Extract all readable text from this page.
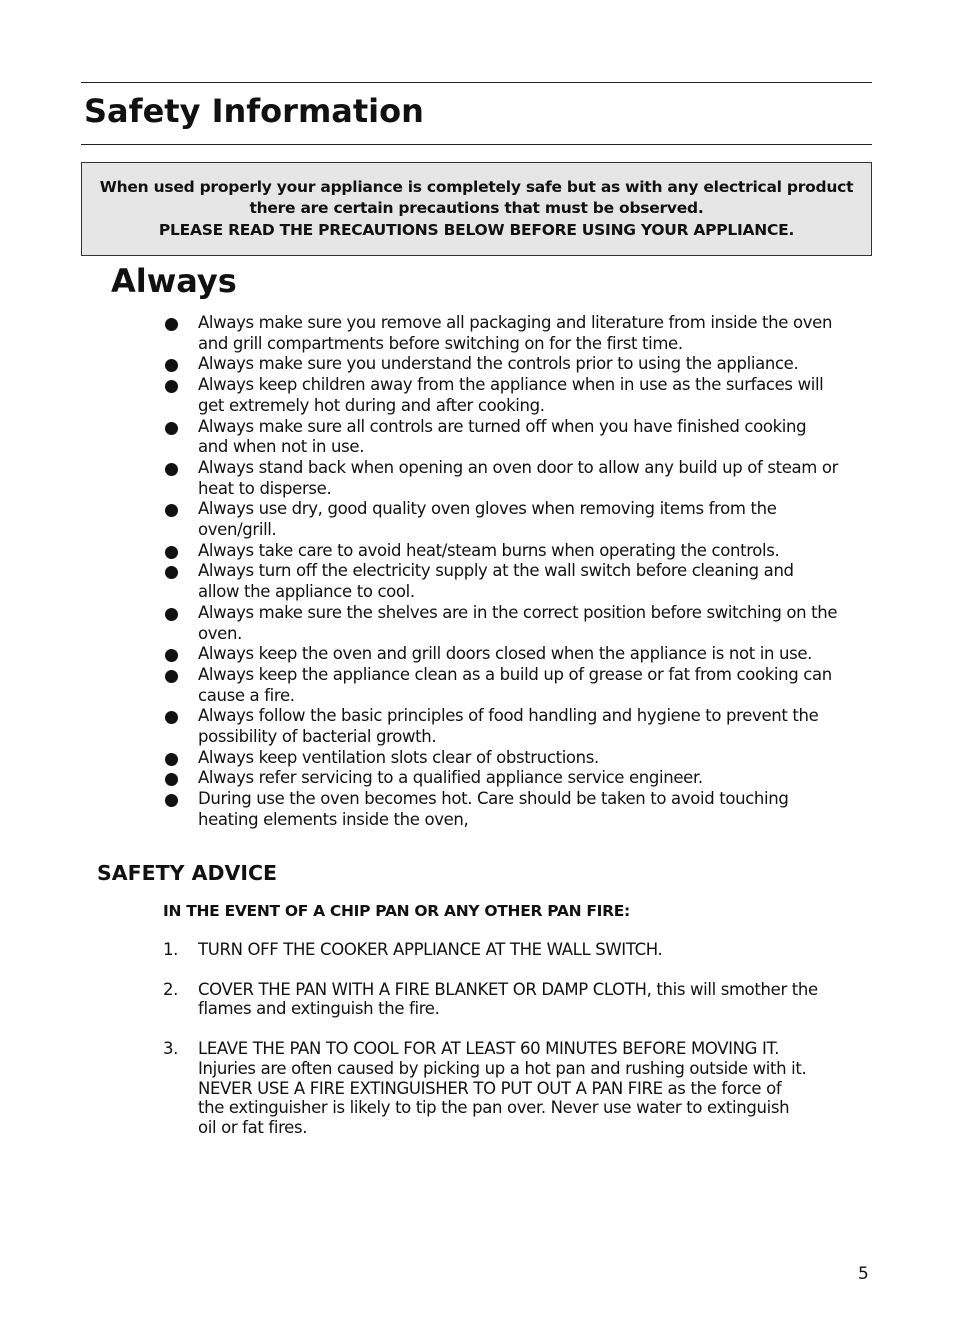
Safety Information
When used properly your appliance is completely safe but as with any electrical product
there are certain precautions that must be observed.
PLEASE READ THE PRECAUTIONS BELOW BEFORE USING YOUR APPLIANCE.
Always
Always make sure you remove all packaging and literature from inside the oven
and grill compartments before switching on for the first time.
Always make sure you understand the controls prior to using the appliance.
Always keep children away from the appliance when in use as the surfaces will
get extremely hot during and after cooking.
Always make sure all controls are turned off when you have finished cooking
and when not in use.
Always stand back when opening an oven door to allow any build up of steam or
heat to disperse.
Always use dry, good quality oven gloves when removing items from the
oven/grill.
Always take care to avoid heat/steam burns when operating the controls.
Always turn off the electricity supply at the wall switch before cleaning and
allow the appliance to cool.
Always make sure the shelves are in the correct position before switching on the
oven.
Always keep the oven and grill doors closed when the appliance is not in use.
Always keep the appliance clean as a build up of grease or fat from cooking can
cause a fire.
Always follow the basic principles of food handling and hygiene to prevent the
possibility of bacterial growth.
Always keep ventilation slots clear of obstructions.
Always refer servicing to a qualified appliance service engineer.
During use the oven becomes hot. Care should be taken to avoid touching
heating elements inside the oven,
SAFETY ADVICE

IN THE EVENT OF A CHIP PAN OR ANY OTHER PAN FIRE:

1. TURN OFF THE COOKER APPLIANCE AT THE WALL SWITCH.
2. COVER THE PAN WITH A FIRE BLANKET OR DAMP CLOTH, this will smother the
flames and extinguish the fire.
3. LEAVE THE PAN TO COOL FOR AT LEAST 60 MINUTES BEFORE MOVING IT.
Injuries are often caused by picking up a hot pan and rushing outside with it.
NEVER USE A FIRE EXTINGUISHER TO PUT OUT A PAN FIRE as the force of
the extinguisher is likely to tip the pan over. Never use water to extinguish
oil or fat fires.
5
